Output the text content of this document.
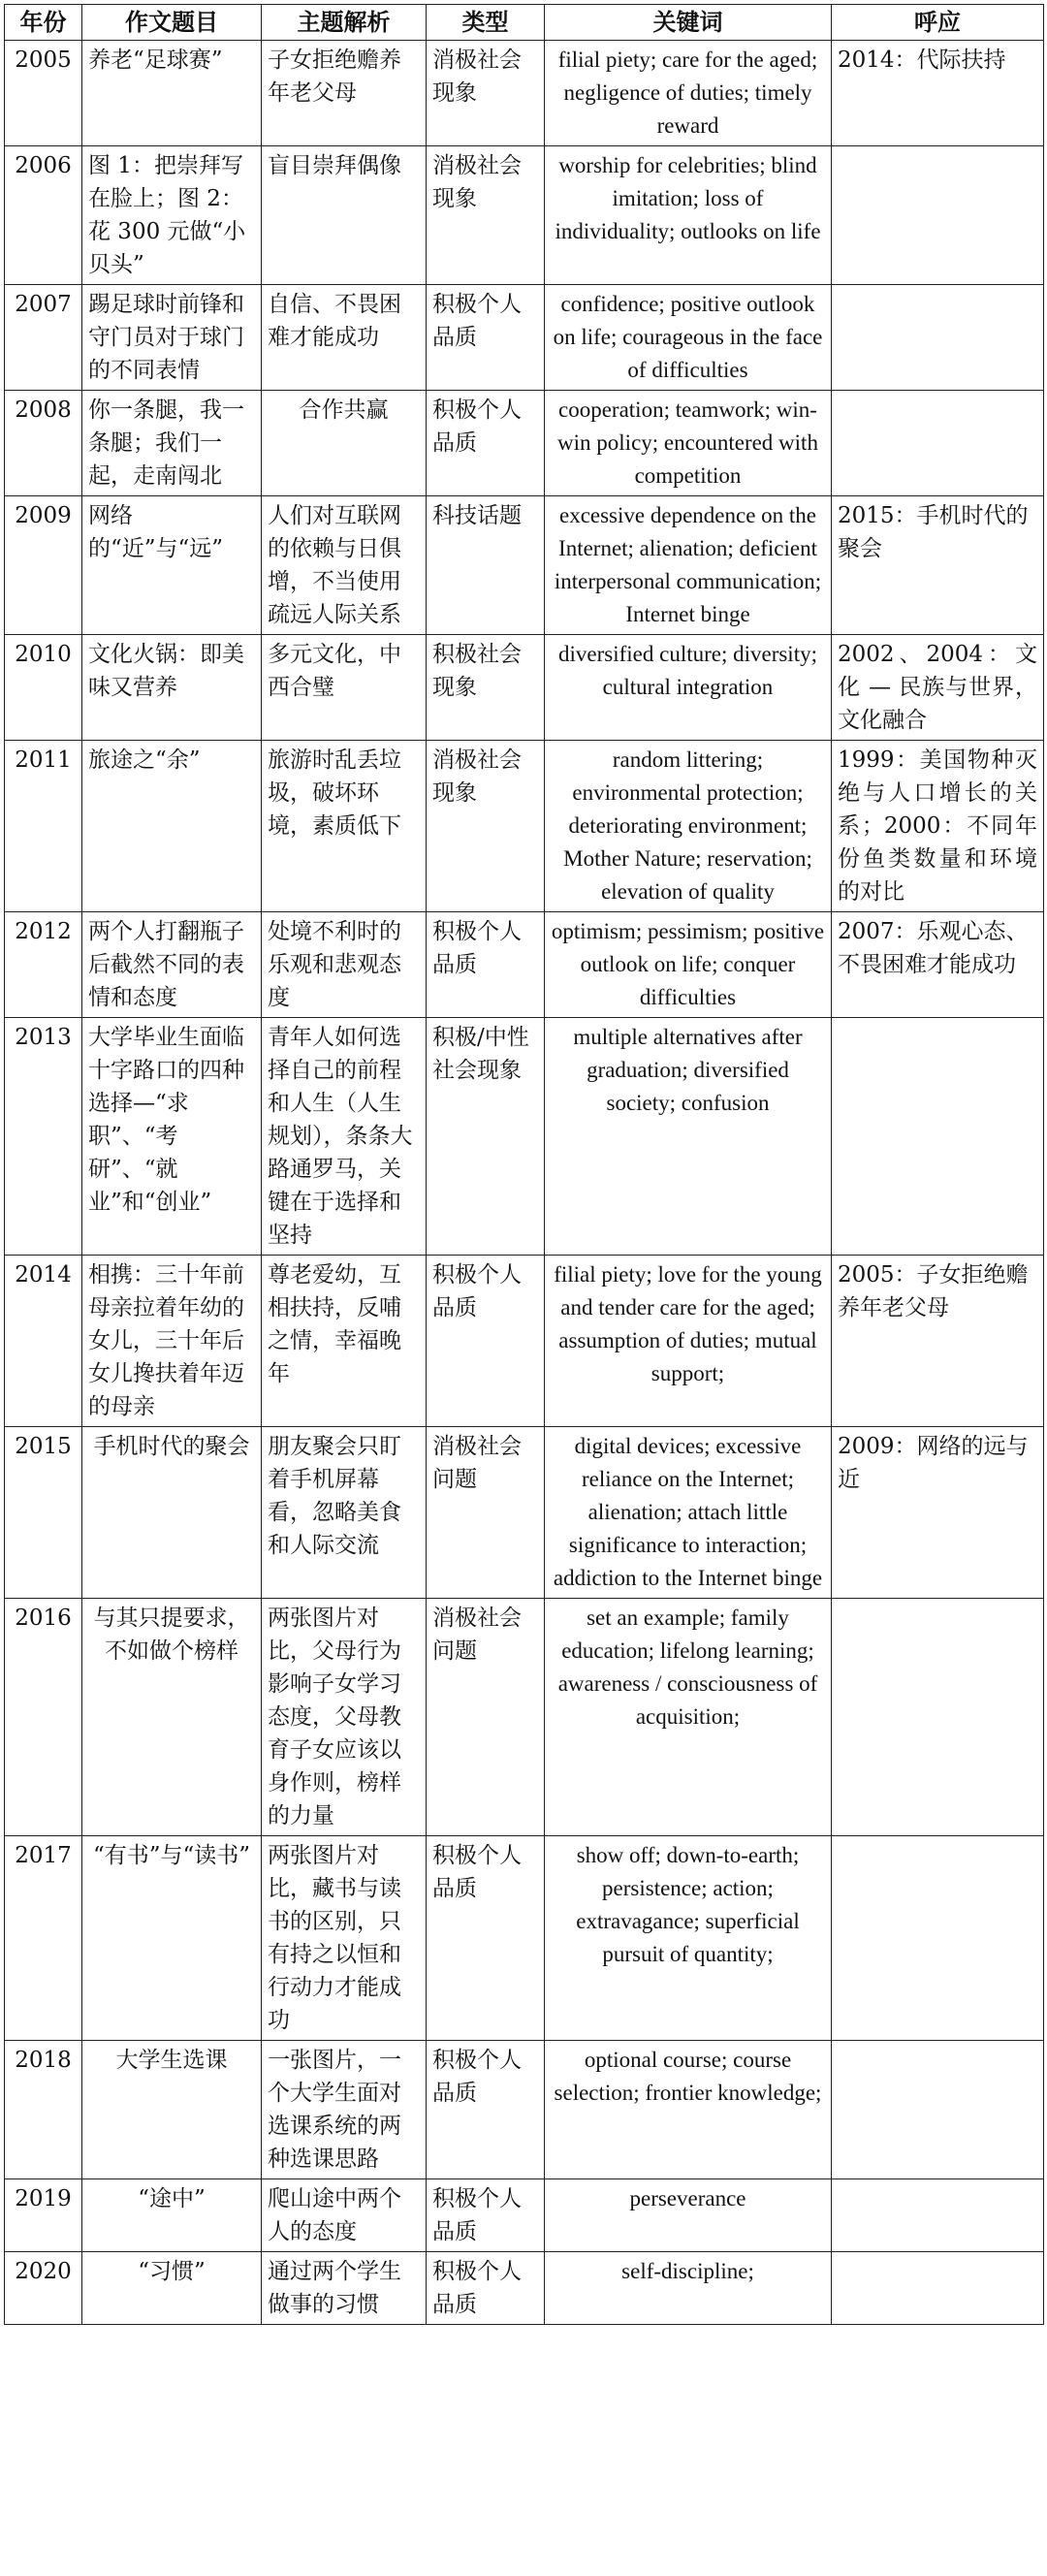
年份	作文题目	主题解析	类型	关键词	呼应
2005	养老“足球赛”	子女拒绝赡养年老父母	消极社会现象	filial piety; care for the aged; negligence of duties; timely reward	2014：代际扶持
2006	图 1：把崇拜写在脸上；图 2：花 300 元做“小贝头”	盲目崇拜偶像	消极社会现象	worship for celebrities; blind imitation; loss of individuality; outlooks on life	
2007	踢足球时前锋和守门员对于球门的不同表情	自信、不畏困难才能成功	积极个人品质	confidence; positive outlook on life; courageous in the face of difficulties	
2008	你一条腿，我一条腿；我们一起，走南闯北	合作共赢	积极个人品质	cooperation; teamwork; win-win policy; encountered with competition	
2009	网络的“近”与“远”	人们对互联网的依赖与日俱增，不当使用疏远人际关系	科技话题	excessive dependence on the Internet; alienation; deficient interpersonal communication; Internet binge	2015：手机时代的聚会
2010	文化火锅：即美味又营养	多元文化，中西合璧	积极社会现象	diversified culture; diversity; cultural integration	2002、2004：文化 — 民族与世界，文化融合
2011	旅途之“余”	旅游时乱丢垃圾，破坏环境，素质低下	消极社会现象	random littering; environmental protection; deteriorating environment; Mother Nature; reservation; elevation of quality	1999：美国物种灭绝与人口增长的关系；2000：不同年份鱼类数量和环境的对比
2012	两个人打翻瓶子后截然不同的表情和态度	处境不利时的乐观和悲观态度	积极个人品质	optimism; pessimism; positive outlook on life; conquer difficulties	2007：乐观心态、不畏困难才能成功
2013	大学毕业生面临十字路口的四种选择—“求职”、“考研”、“就业”和“创业”	青年人如何选择自己的前程和人生（人生规划），条条大路通罗马，关键在于选择和坚持	积极/中性社会现象	multiple alternatives after graduation; diversified society; confusion	
2014	相携：三十年前母亲拉着年幼的女儿，三十年后女儿搀扶着年迈的母亲	尊老爱幼，互相扶持，反哺之情，幸福晚年	积极个人品质	filial piety; love for the young and tender care for the aged; assumption of duties; mutual support;	2005：子女拒绝赡养年老父母
2015	手机时代的聚会	朋友聚会只盯着手机屏幕看，忽略美食和人际交流	消极社会问题	digital devices; excessive reliance on the Internet; alienation; attach little significance to interaction; addiction to the Internet binge	2009：网络的远与近
2016	与其只提要求，不如做个榜样	两张图片对比，父母行为影响子女学习态度，父母教育子女应该以身作则，榜样的力量	消极社会问题	set an example; family education; lifelong learning; awareness / consciousness of acquisition;	
2017	“有书”与“读书”	两张图片对比，藏书与读书的区别，只有持之以恒和行动力才能成功	积极个人品质	show off; down-to-earth; persistence; action; extravagance; superficial pursuit of quantity;	
2018	大学生选课	一张图片，一个大学生面对选课系统的两种选课思路	积极个人品质	optional course; course selection; frontier knowledge;	
2019	“途中”	爬山途中两个人的态度	积极个人品质	perseverance	
2020	“习惯”	通过两个学生做事的习惯	积极个人品质	self-discipline;	
